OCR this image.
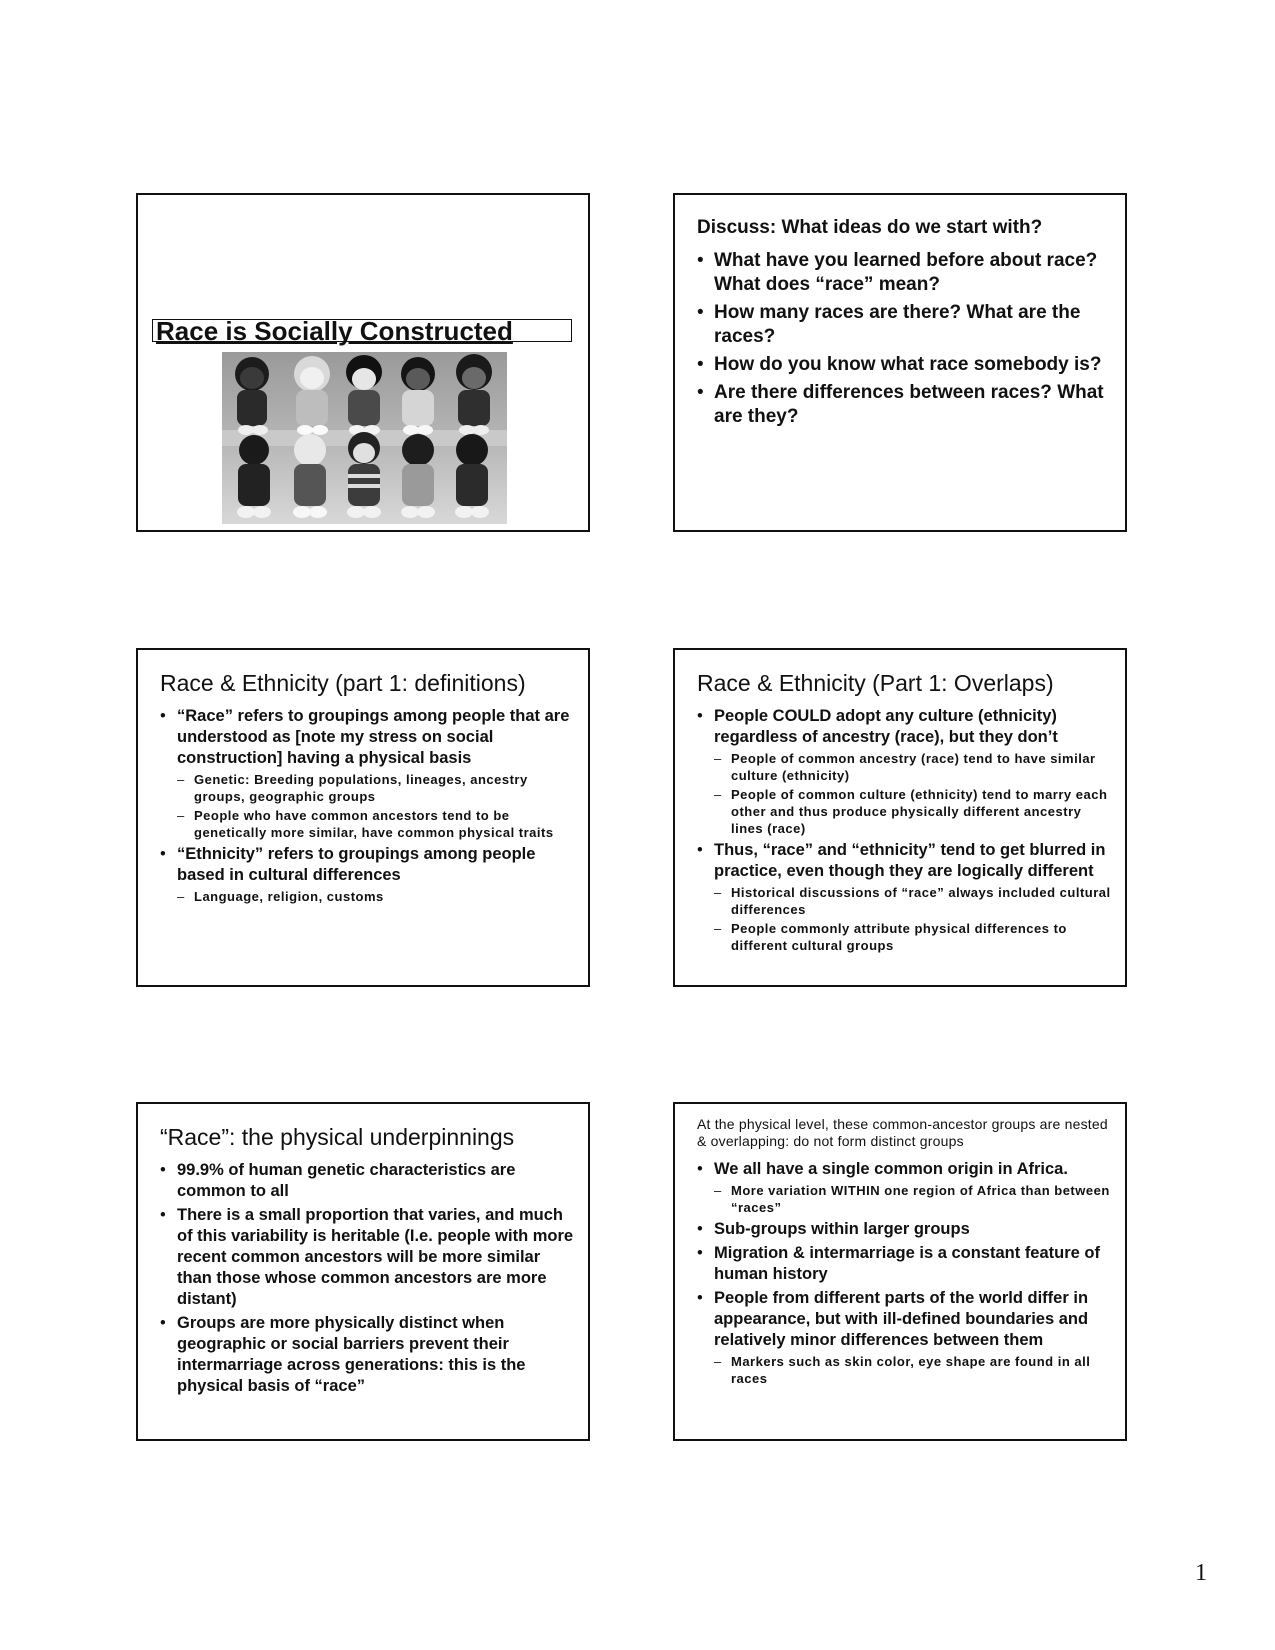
Race is Socially Constructed
Discuss: What ideas do we start with?
• What have you learned before about race? What does “race” mean?
• How many races are there? What are the races?
• How do you know what race somebody is?
• Are there differences between races? What are they?
Race & Ethnicity (part 1: definitions)
• “Race” refers to groupings among people that are understood as [note my stress on social construction] having a physical basis
– Genetic: Breeding populations, lineages, ancestry groups, geographic groups
– People who have common ancestors tend to be genetically more similar, have common physical traits
• “Ethnicity” refers to groupings among people based in cultural differences
– Language, religion, customs
Race & Ethnicity (Part 1: Overlaps)
• People COULD adopt any culture (ethnicity) regardless of ancestry (race), but they don’t
– People of common ancestry (race) tend to have similar culture (ethnicity)
– People of common culture (ethnicity) tend to marry each other and thus produce physically different ancestry lines (race)
• Thus, “race” and “ethnicity” tend to get blurred in practice, even though they are logically different
– Historical discussions of “race” always included cultural differences
– People commonly attribute physical differences to different cultural groups
“Race”: the physical underpinnings
• 99.9% of human genetic characteristics are common to all
• There is a small proportion that varies, and much of this variability is heritable (I.e. people with more recent common ancestors will be more similar than those whose common ancestors are more distant)
• Groups are more physically distinct when geographic or social barriers prevent their intermarriage across generations: this is the physical basis of “race”
At the physical level, these common-ancestor groups are nested & overlapping: do not form distinct groups
• We all have a single common origin in Africa.
– More variation WITHIN one region of Africa than between “races”
• Sub-groups within larger groups
• Migration & intermarriage is a constant feature of human history
• People from different parts of the world differ in appearance, but with ill-defined boundaries and relatively minor differences between them
– Markers such as skin color, eye shape are found in all races
1
